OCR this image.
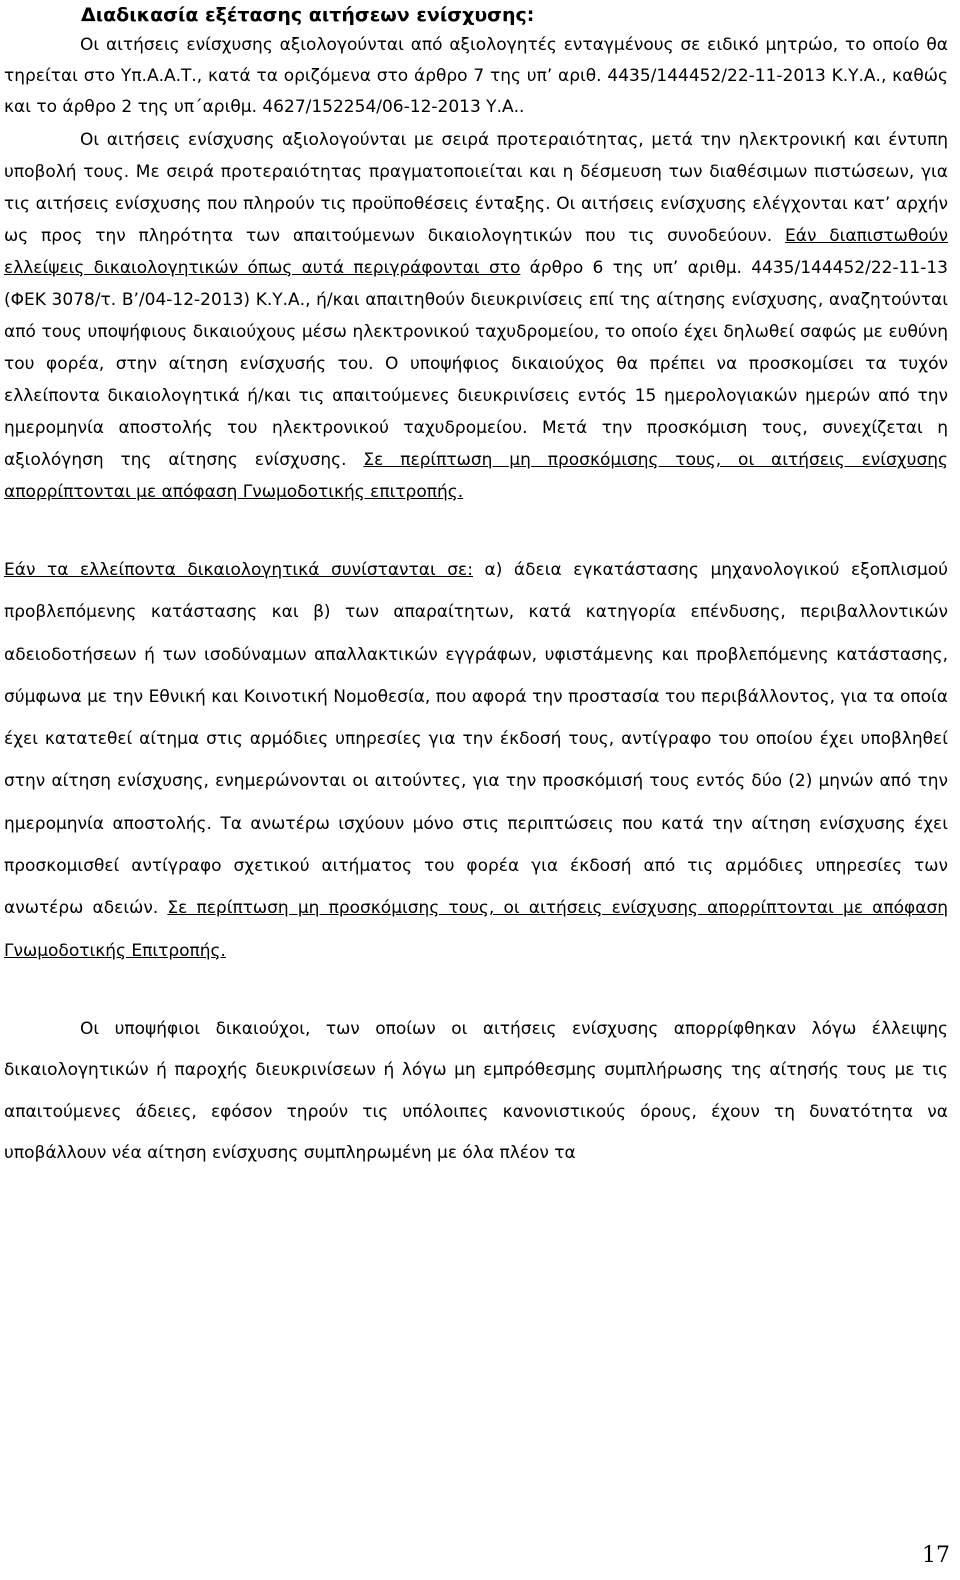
Διαδικασία εξέτασης αιτήσεων ενίσχυσης:

Οι αιτήσεις ενίσχυσης αξιολογούνται από αξιολογητές ενταγμένους σε ειδικό μητρώο, το οποίο θα τηρείται στο Υπ.Α.Α.Τ., κατά τα οριζόμενα στο άρθρο 7 της υπ’ αριθ. 4435/144452/22-11-2013 Κ.Υ.Α., καθώς και το άρθρο 2 της υπ΄αριθμ. 4627/152254/06-12-2013 Υ.Α..

Οι αιτήσεις ενίσχυσης αξιολογούνται με σειρά προτεραιότητας, μετά την ηλεκτρονική και έντυπη υποβολή τους. Με σειρά προτεραιότητας πραγματοποιείται και η δέσμευση των διαθέσιμων πιστώσεων, για τις αιτήσεις ενίσχυσης που πληρούν τις προϋποθέσεις ένταξης. Οι αιτήσεις ενίσχυσης ελέγχονται κατ’ αρχήν ως προς την πληρότητα των απαιτούμενων δικαιολογητικών που τις συνοδεύουν. Εάν διαπιστωθούν ελλείψεις δικαιολογητικών όπως αυτά περιγράφονται στο άρθρο 6 της υπ’ αριθμ. 4435/144452/22-11-13 (ΦΕΚ 3078/τ. Β’/04-12-2013) Κ.Υ.Α., ή/και απαιτηθούν διευκρινίσεις επί της αίτησης ενίσχυσης, αναζητούνται από τους υποψήφιους δικαιούχους μέσω ηλεκτρονικού ταχυδρομείου, το οποίο έχει δηλωθεί σαφώς με ευθύνη του φορέα, στην αίτηση ενίσχυσής του. Ο υποψήφιος δικαιούχος θα πρέπει να προσκομίσει τα τυχόν ελλείποντα δικαιολογητικά ή/και τις απαιτούμενες διευκρινίσεις εντός 15 ημερολογιακών ημερών από την ημερομηνία αποστολής του ηλεκτρονικού ταχυδρομείου. Μετά την προσκόμιση τους, συνεχίζεται η αξιολόγηση της αίτησης ενίσχυσης. Σε περίπτωση μη προσκόμισης τους, οι αιτήσεις ενίσχυσης απορρίπτονται με απόφαση Γνωμοδοτικής επιτροπής.

Εάν τα ελλείποντα δικαιολογητικά συνίστανται σε: α) άδεια εγκατάστασης μηχανολογικού εξοπλισμού προβλεπόμενης κατάστασης και β) των απαραίτητων, κατά κατηγορία επένδυσης, περιβαλλοντικών αδειοδοτήσεων ή των ισοδύναμων απαλλακτικών εγγράφων, υφιστάμενης και προβλεπόμενης κατάστασης, σύμφωνα με την Εθνική και Κοινοτική Νομοθεσία, που αφορά την προστασία του περιβάλλοντος, για τα οποία έχει κατατεθεί αίτημα στις αρμόδιες υπηρεσίες για την έκδοσή τους, αντίγραφο του οποίου έχει υποβληθεί στην αίτηση ενίσχυσης, ενημερώνονται οι αιτούντες, για την προσκόμισή τους εντός δύο (2) μηνών από την ημερομηνία αποστολής. Τα ανωτέρω ισχύουν μόνο στις περιπτώσεις που κατά την αίτηση ενίσχυσης έχει προσκομισθεί αντίγραφο σχετικού αιτήματος του φορέα για έκδοσή από τις αρμόδιες υπηρεσίες των ανωτέρω αδειών. Σε περίπτωση μη προσκόμισης τους, οι αιτήσεις ενίσχυσης απορρίπτονται με απόφαση Γνωμοδοτικής Επιτροπής.

Οι υποψήφιοι δικαιούχοι, των οποίων οι αιτήσεις ενίσχυσης απορρίφθηκαν λόγω έλλειψης δικαιολογητικών ή παροχής διευκρινίσεων ή λόγω μη εμπρόθεσμης συμπλήρωσης της αίτησής τους με τις απαιτούμενες άδειες, εφόσον τηρούν τις υπόλοιπες κανονιστικούς όρους, έχουν τη δυνατότητα να υποβάλλουν νέα αίτηση ενίσχυσης συμπληρωμένη με όλα πλέον τα

17
